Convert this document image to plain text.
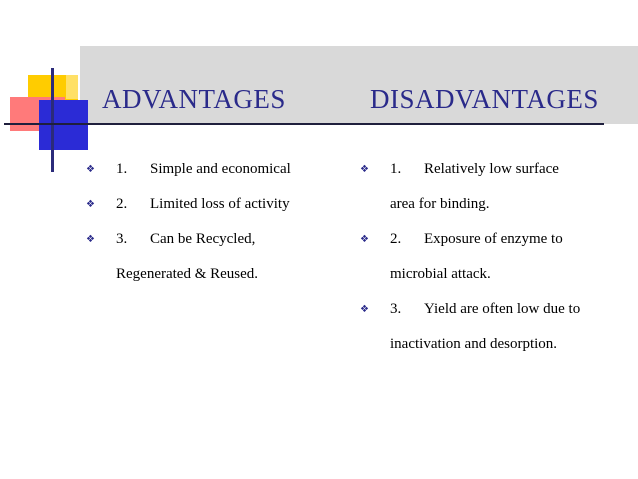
ADVANTAGES	DISADVANTAGES
❖	1. Simple and economical
❖	2. Limited loss of activity
❖	3. Can be Recycled,
Regenerated & Reused.
❖	1. Relatively low surface
area for binding.
❖	2. Exposure of enzyme to
microbial attack.
❖	3. Yield are often low due to
inactivation and desorption.
